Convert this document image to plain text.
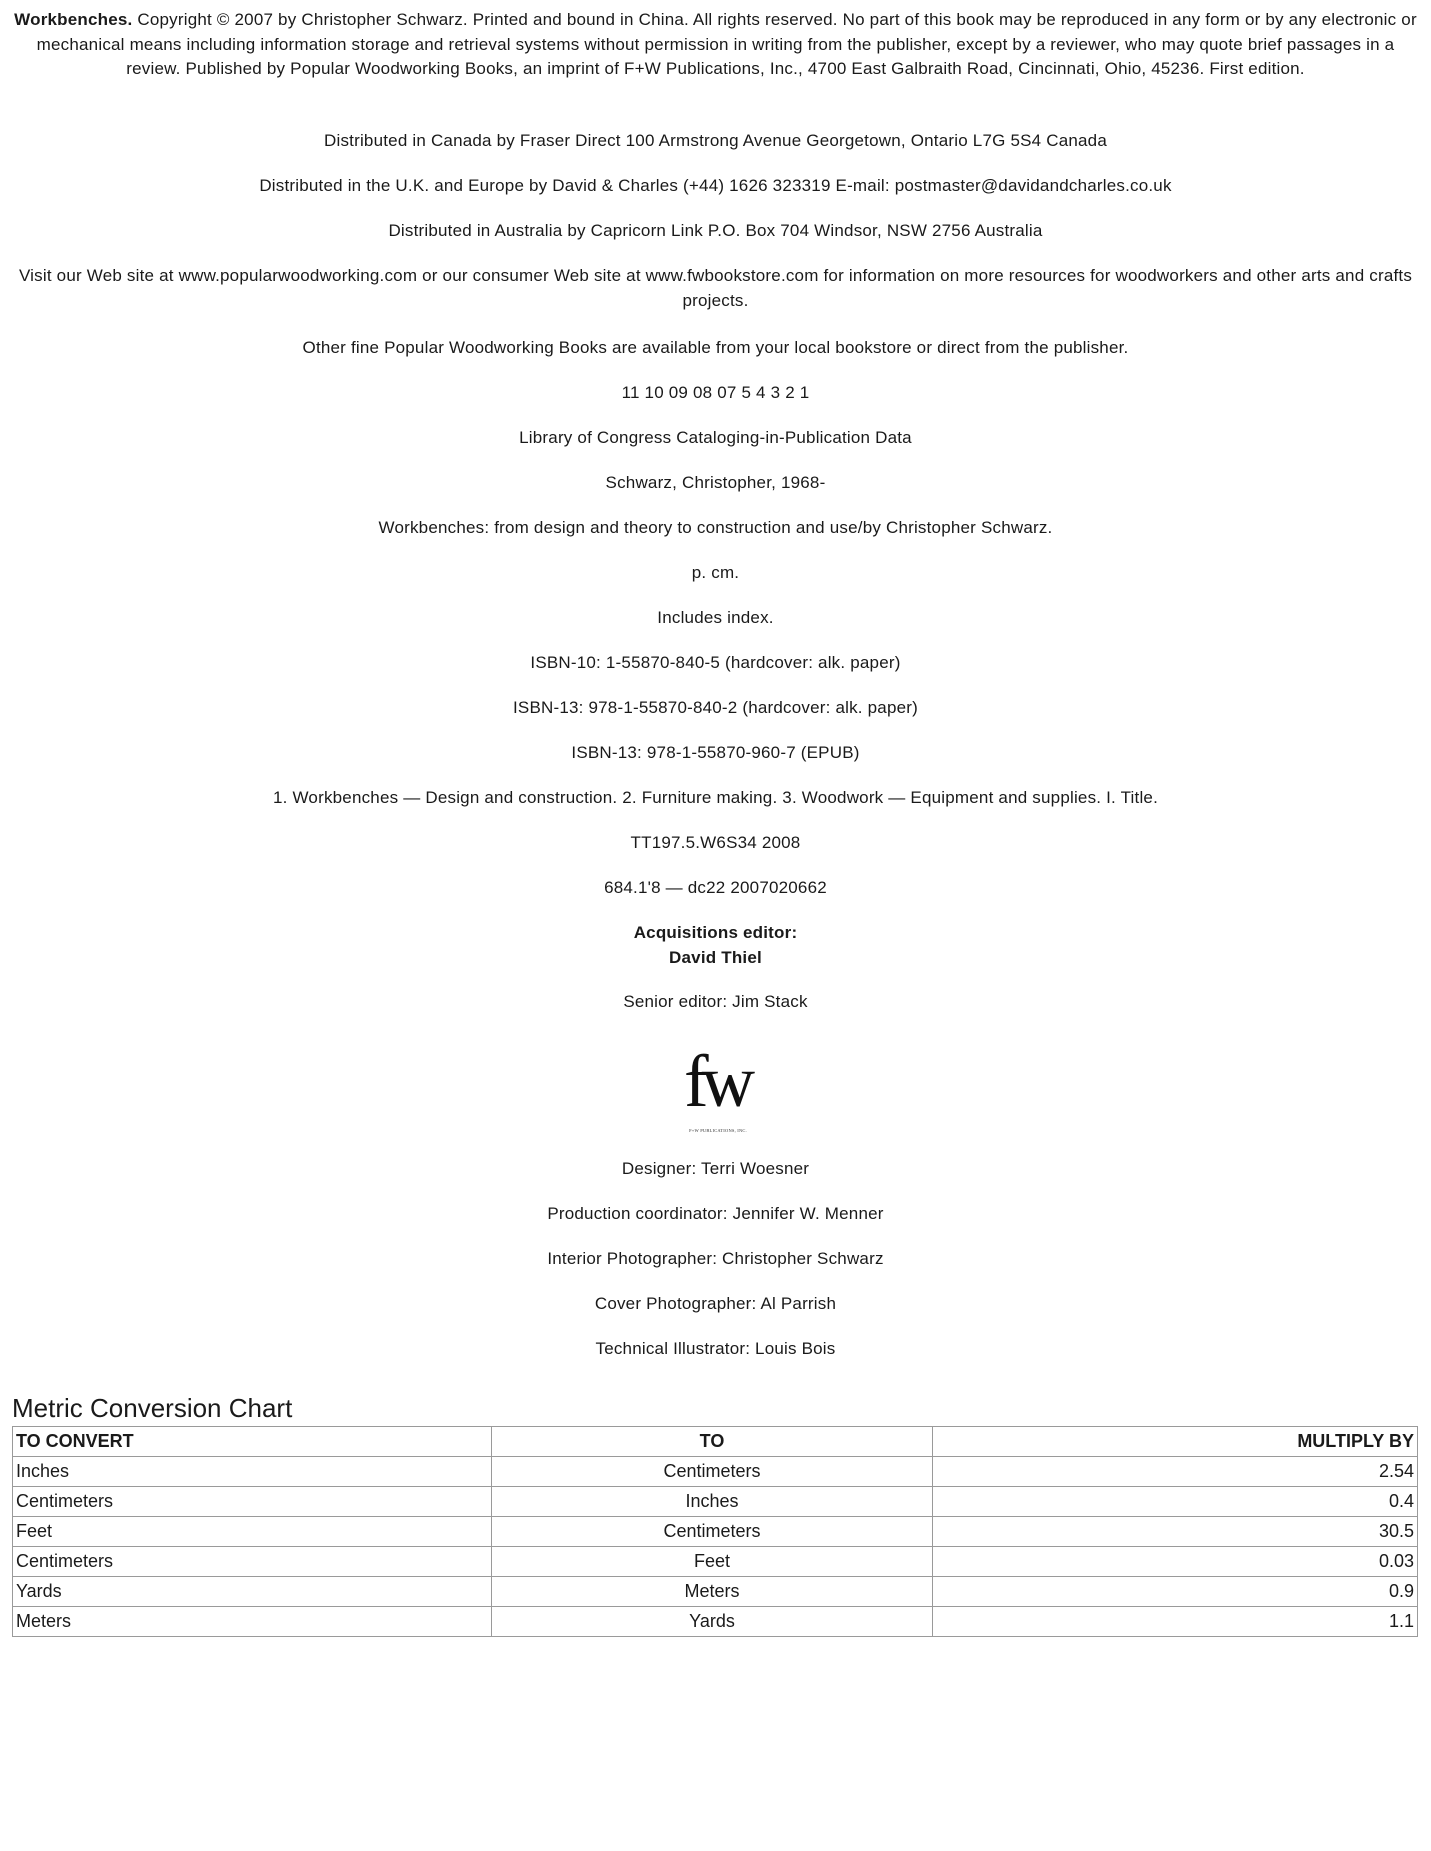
Workbenches. Copyright © 2007 by Christopher Schwarz. Printed and bound in China. All rights reserved. No part of this book may be reproduced in any form or by any electronic or mechanical means including information storage and retrieval systems without permission in writing from the publisher, except by a reviewer, who may quote brief passages in a review. Published by Popular Woodworking Books, an imprint of F+W Publications, Inc., 4700 East Galbraith Road, Cincinnati, Ohio, 45236. First edition.

Distributed in Canada by Fraser Direct 100 Armstrong Avenue Georgetown, Ontario L7G 5S4 Canada

Distributed in the U.K. and Europe by David & Charles (+44) 1626 323319 E-mail: postmaster@davidandcharles.co.uk

Distributed in Australia by Capricorn Link P.O. Box 704 Windsor, NSW 2756 Australia

Visit our Web site at www.popularwoodworking.com or our consumer Web site at www.fwbookstore.com for information on more resources for woodworkers and other arts and crafts projects.

Other fine Popular Woodworking Books are available from your local bookstore or direct from the publisher.

11 10 09 08 07 5 4 3 2 1

Library of Congress Cataloging-in-Publication Data

Schwarz, Christopher, 1968-

Workbenches: from design and theory to construction and use/by Christopher Schwarz.

p. cm.

Includes index.

ISBN-10: 1-55870-840-5 (hardcover: alk. paper)

ISBN-13: 978-1-55870-840-2 (hardcover: alk. paper)

ISBN-13: 978-1-55870-960-7 (EPUB)

1. Workbenches — Design and construction. 2. Furniture making. 3. Woodwork — Equipment and supplies. I. Title.

TT197.5.W6S34 2008

684.1'8 — dc22 2007020662

Acquisitions editor:

David Thiel

Senior editor: Jim Stack

fw
F+W PUBLICATIONS, INC.

Designer: Terri Woesner

Production coordinator: Jennifer W. Menner

Interior Photographer: Christopher Schwarz

Cover Photographer: Al Parrish

Technical Illustrator: Louis Bois

Metric Conversion Chart
TO CONVERT	TO	MULTIPLY BY
Inches	Centimeters	2.54
Centimeters	Inches	0.4
Feet	Centimeters	30.5
Centimeters	Feet	0.03
Yards	Meters	0.9
Meters	Yards	1.1
